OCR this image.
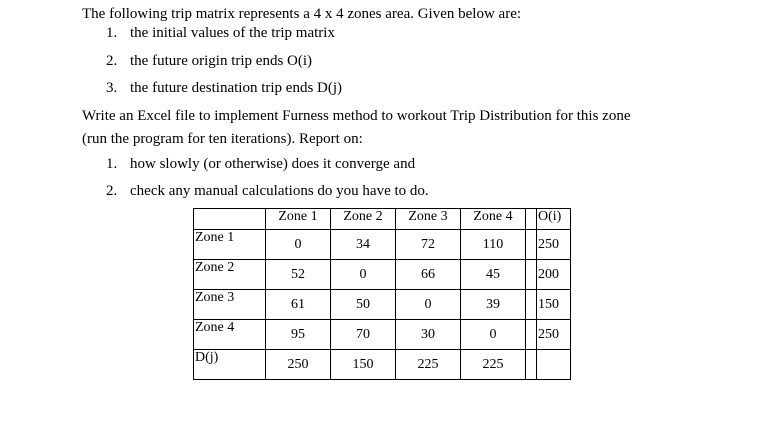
The following trip matrix represents a 4 x 4 zones area. Given below are:
1. the initial values of the trip matrix
2. the future origin trip ends O(i)
3. the future destination trip ends D(j)
Write an Excel file to implement Furness method to workout Trip Distribution for this zone
(run the program for ten iterations). Report on:
1. how slowly (or otherwise) does it converge and
2. check any manual calculations do you have to do.
	Zone 1	Zone 2	Zone 3	Zone 4		O(i)
Zone 1	0	34	72	110		250
Zone 2	52	0	66	45		200
Zone 3	61	50	0	39		150
Zone 4	95	70	30	0		250
D(j)	250	150	225	225		
